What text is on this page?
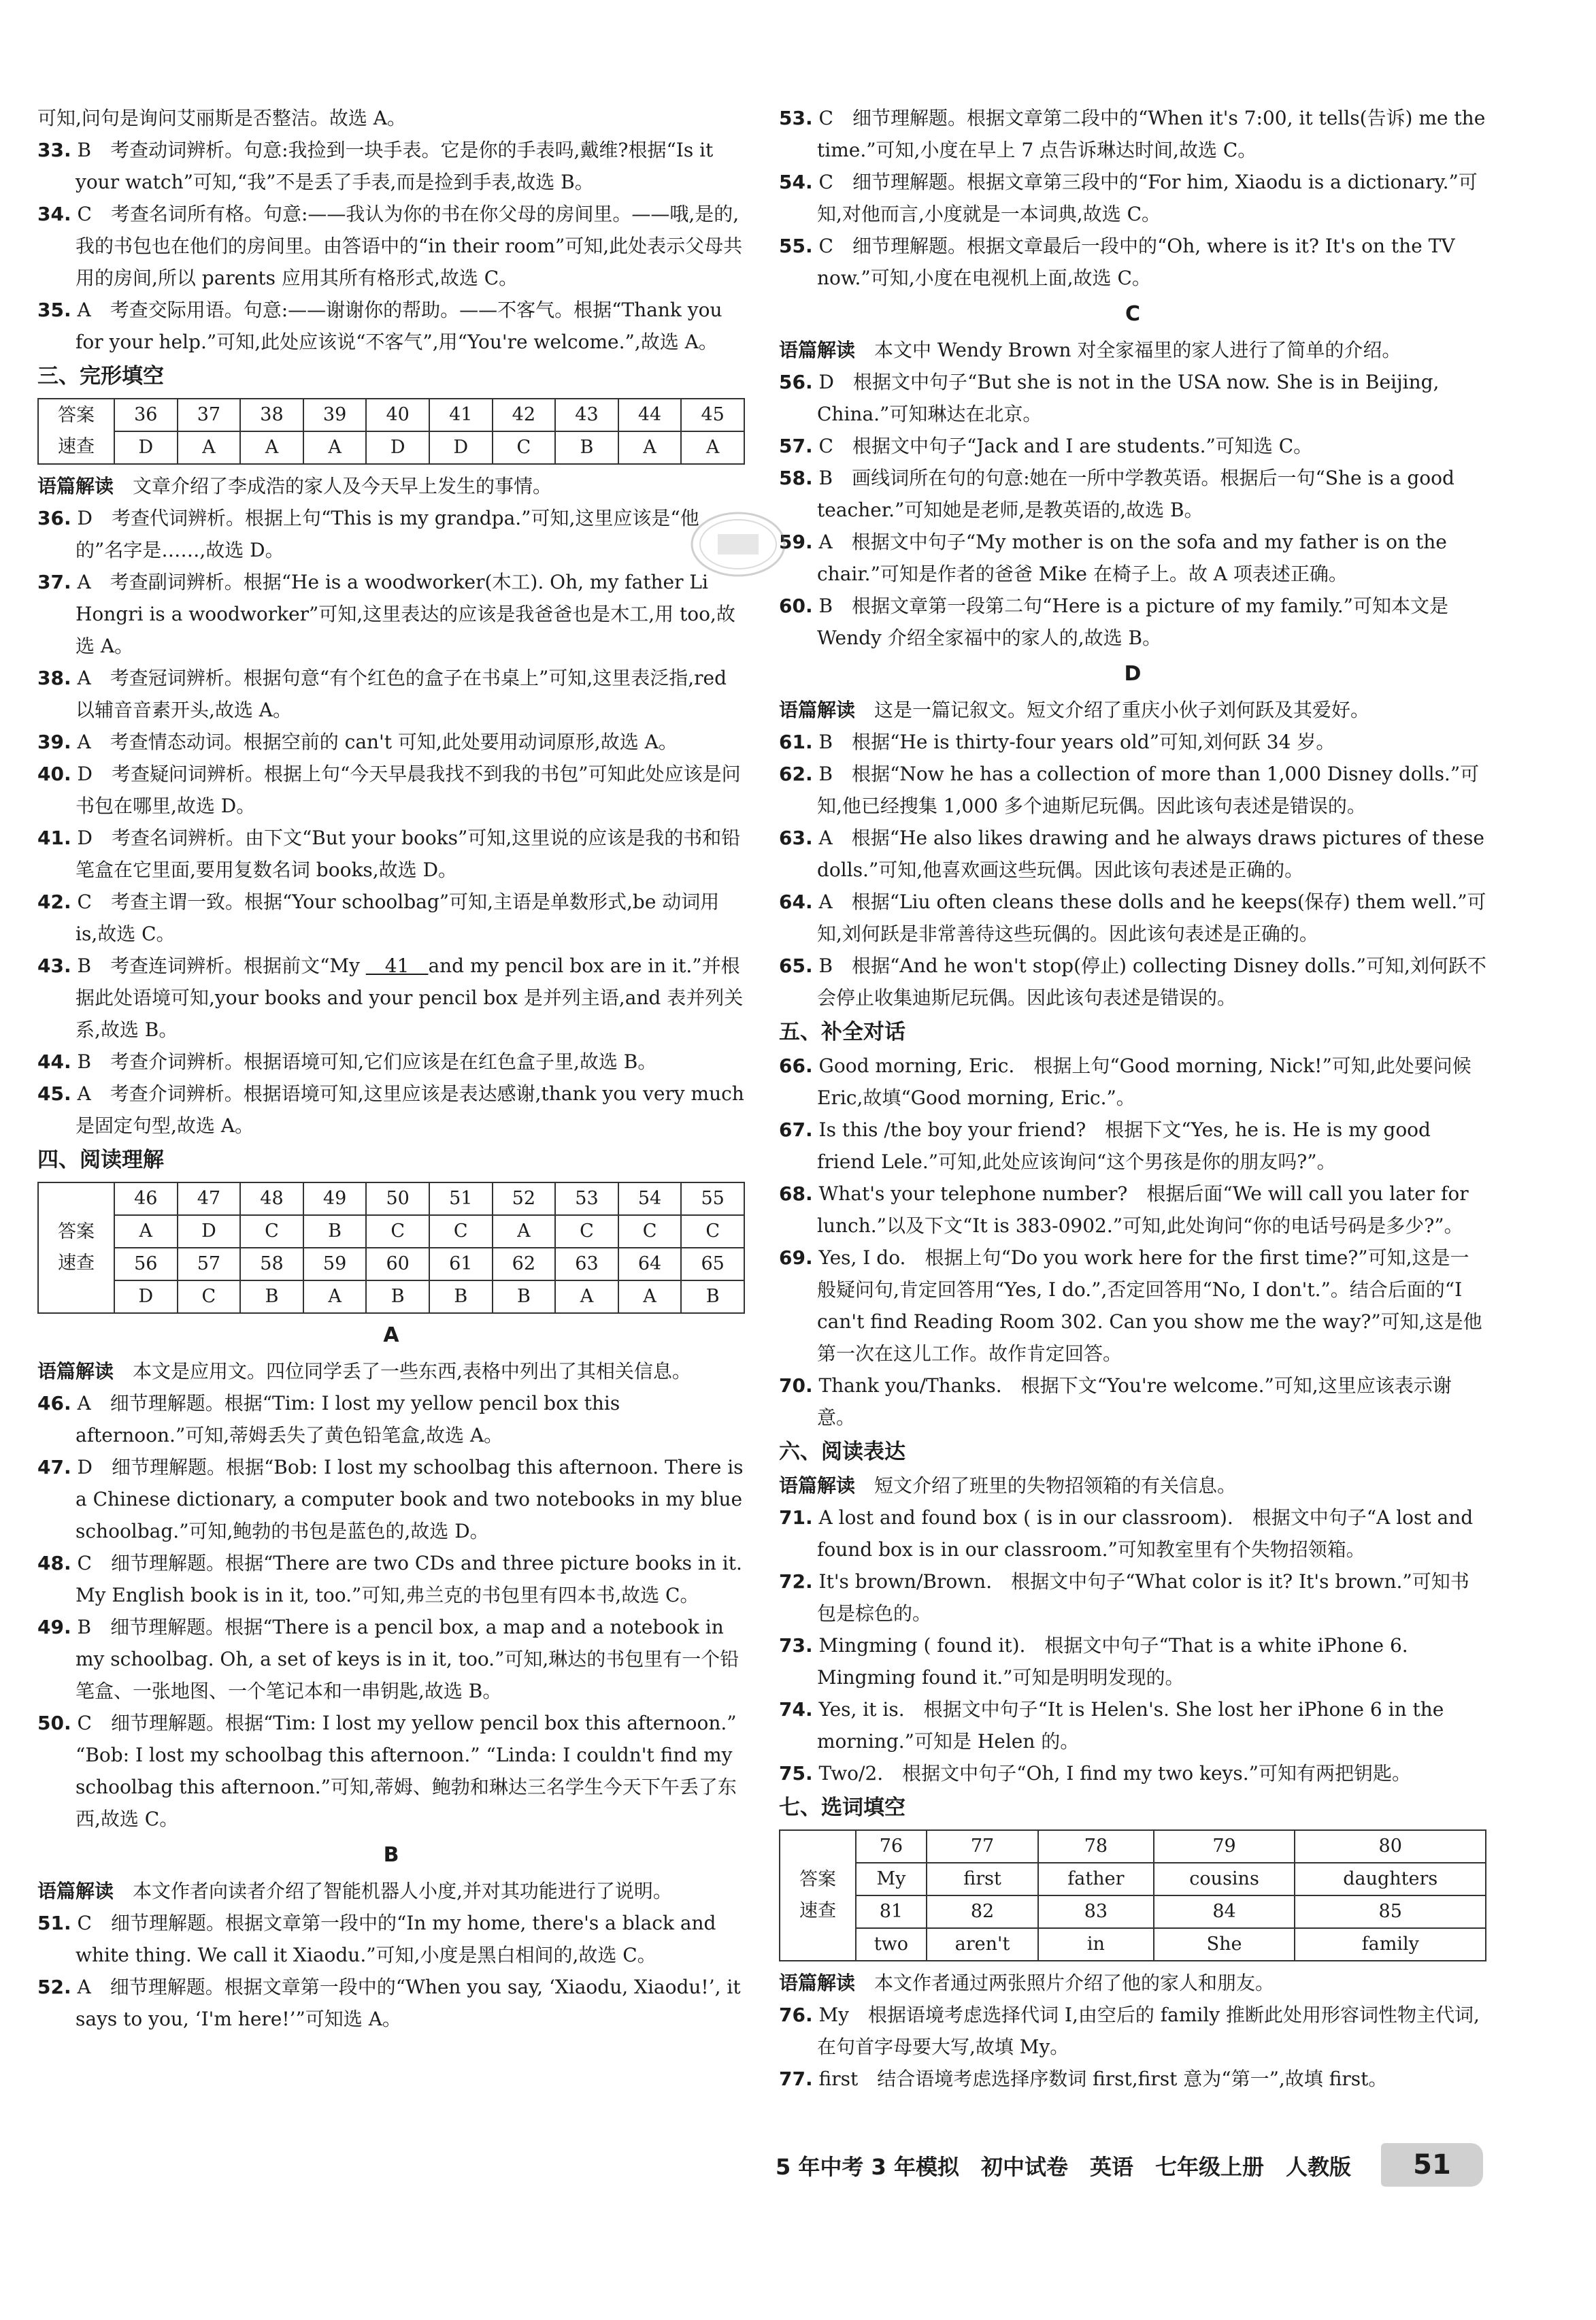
可知,问句是询问艾丽斯是否整洁。故选 A。

33. B　考查动词辨析。句意:我捡到一块手表。它是你的手表吗,戴维?根据“Is it your watch”可知,“我”不是丢了手表,而是捡到手表,故选 B。

34. C　考查名词所有格。句意:——我认为你的书在你父母的房间里。——哦,是的,我的书包也在他们的房间里。由答语中的“in their room”可知,此处表示父母共用的房间,所以 parents 应用其所有格形式,故选 C。

35. A　考查交际用语。句意:——谢谢你的帮助。——不客气。根据“Thank you for your help.”可知,此处应该说“不客气”,用“You're welcome.”,故选 A。

三、完形填空
答案
速查	36	37	38	39	40	41	42	43	44	45
	D	A	A	A	D	D	C	B	A	A

语篇解读　文章介绍了李成浩的家人及今天早上发生的事情。

36. D　考查代词辨析。根据上句“This is my grandpa.”可知,这里应该是“他的”名字是……,故选 D。

37. A　考查副词辨析。根据“He is a woodworker(木工). Oh, my father Li Hongri is a woodworker”可知,这里表达的应该是我爸爸也是木工,用 too,故选 A。

38. A　考查冠词辨析。根据句意“有个红色的盒子在书桌上”可知,这里表泛指,red 以辅音音素开头,故选 A。

39. A　考查情态动词。根据空前的 can't 可知,此处要用动词原形,故选 A。

40. D　考查疑问词辨析。根据上句“今天早晨我找不到我的书包”可知此处应该是问书包在哪里,故选 D。

41. D　考查名词辨析。由下文“But your books”可知,这里说的应该是我的书和铅笔盒在它里面,要用复数名词 books,故选 D。

42. C　考查主谓一致。根据“Your schoolbag”可知,主语是单数形式,be 动词用 is,故选 C。

43. B　考查连词辨析。根据前文“My 　41　and my pencil box are in it.”并根据此处语境可知,your books and your pencil box 是并列主语,and 表并列关系,故选 B。

44. B　考查介词辨析。根据语境可知,它们应该是在红色盒子里,故选 B。

45. A　考查介词辨析。根据语境可知,这里应该是表达感谢,thank you very much 是固定句型,故选 A。

四、阅读理解
答案
速查	46	47	48	49	50	51	52	53	54	55
	A	D	C	B	C	C	A	C	C	C
	56	57	58	59	60	61	62	63	64	65
	D	C	B	A	B	B	B	A	A	B
A

语篇解读　本文是应用文。四位同学丢了一些东西,表格中列出了其相关信息。

46. A　细节理解题。根据“Tim: I lost my yellow pencil box this afternoon.”可知,蒂姆丢失了黄色铅笔盒,故选 A。

47. D　细节理解题。根据“Bob: I lost my schoolbag this afternoon. There is a Chinese dictionary, a computer book and two notebooks in my blue schoolbag.”可知,鲍勃的书包是蓝色的,故选 D。

48. C　细节理解题。根据“There are two CDs and three picture books in it. My English book is in it, too.”可知,弗兰克的书包里有四本书,故选 C。

49. B　细节理解题。根据“There is a pencil box, a map and a notebook in my schoolbag. Oh, a set of keys is in it, too.”可知,琳达的书包里有一个铅笔盒、一张地图、一个笔记本和一串钥匙,故选 B。

50. C　细节理解题。根据“Tim: I lost my yellow pencil box this afternoon.” “Bob: I lost my schoolbag this afternoon.” “Linda: I couldn't find my schoolbag this afternoon.”可知,蒂姆、鲍勃和琳达三名学生今天下午丢了东西,故选 C。

B

语篇解读　本文作者向读者介绍了智能机器人小度,并对其功能进行了说明。

51. C　细节理解题。根据文章第一段中的“In my home, there's a black and white thing. We call it Xiaodu.”可知,小度是黑白相间的,故选 C。

52. A　细节理解题。根据文章第一段中的“When you say, ‘Xiaodu, Xiaodu!’, it says to you, ‘I'm here!’”可知选 A。

53. C　细节理解题。根据文章第二段中的“When it's 7:00, it tells(告诉) me the time.”可知,小度在早上 7 点告诉琳达时间,故选 C。

54. C　细节理解题。根据文章第三段中的“For him, Xiaodu is a dictionary.”可知,对他而言,小度就是一本词典,故选 C。

55. C　细节理解题。根据文章最后一段中的“Oh, where is it? It's on the TV now.”可知,小度在电视机上面,故选 C。

C

语篇解读　本文中 Wendy Brown 对全家福里的家人进行了简单的介绍。

56. D　根据文中句子“But she is not in the USA now. She is in Beijing, China.”可知琳达在北京。

57. C　根据文中句子“Jack and I are students.”可知选 C。

58. B　画线词所在句的句意:她在一所中学教英语。根据后一句“She is a good teacher.”可知她是老师,是教英语的,故选 B。

59. A　根据文中句子“My mother is on the sofa and my father is on the chair.”可知是作者的爸爸 Mike 在椅子上。故 A 项表述正确。

60. B　根据文章第一段第二句“Here is a picture of my family.”可知本文是 Wendy 介绍全家福中的家人的,故选 B。

D

语篇解读　这是一篇记叙文。短文介绍了重庆小伙子刘何跃及其爱好。

61. B　根据“He is thirty-four years old”可知,刘何跃 34 岁。

62. B　根据“Now he has a collection of more than 1,000 Disney dolls.”可知,他已经搜集 1,000 多个迪斯尼玩偶。因此该句表述是错误的。

63. A　根据“He also likes drawing and he always draws pictures of these dolls.”可知,他喜欢画这些玩偶。因此该句表述是正确的。

64. A　根据“Liu often cleans these dolls and he keeps(保存) them well.”可知,刘何跃是非常善待这些玩偶的。因此该句表述是正确的。

65. B　根据“And he won't stop(停止) collecting Disney dolls.”可知,刘何跃不会停止收集迪斯尼玩偶。因此该句表述是错误的。

五、补全对话

66. Good morning, Eric.　根据上句“Good morning, Nick!”可知,此处要问候 Eric,故填“Good morning, Eric.”。

67. Is this /the boy your friend?　根据下文“Yes, he is. He is my good friend Lele.”可知,此处应该询问“这个男孩是你的朋友吗?”。

68. What's your telephone number?　根据后面“We will call you later for lunch.”以及下文“It is 383-0902.”可知,此处询问“你的电话号码是多少?”。

69. Yes, I do.　根据上句“Do you work here for the first time?”可知,这是一般疑问句,肯定回答用“Yes, I do.”,否定回答用“No, I don't.”。结合后面的“I can't find Reading Room 302. Can you show me the way?”可知,这是他第一次在这儿工作。故作肯定回答。

70. Thank you/Thanks.　根据下文“You're welcome.”可知,这里应该表示谢意。

六、阅读表达

语篇解读　短文介绍了班里的失物招领箱的有关信息。

71. A lost and found box ( is in our classroom).　根据文中句子“A lost and found box is in our classroom.”可知教室里有个失物招领箱。

72. It's brown/Brown.　根据文中句子“What color is it? It's brown.”可知书包是棕色的。

73. Mingming ( found it).　根据文中句子“That is a white iPhone 6. Mingming found it.”可知是明明发现的。

74. Yes, it is.　根据文中句子“It is Helen's. She lost her iPhone 6 in the morning.”可知是 Helen 的。

75. Two/2.　根据文中句子“Oh, I find my two keys.”可知有两把钥匙。

七、选词填空
答案
速查	76	77	78	79	80
	My	first	father	cousins	daughters
	81	82	83	84	85
	two	aren't	in	She	family

语篇解读　本文作者通过两张照片介绍了他的家人和朋友。

76. My　根据语境考虑选择代词 I,由空后的 family 推断此处用形容词性物主代词,在句首字母要大写,故填 My。

77. first　结合语境考虑选择序数词 first,first 意为“第一”,故填 first。

5 年中考 3 年模拟　初中试卷　英语　七年级上册　人教版	51
